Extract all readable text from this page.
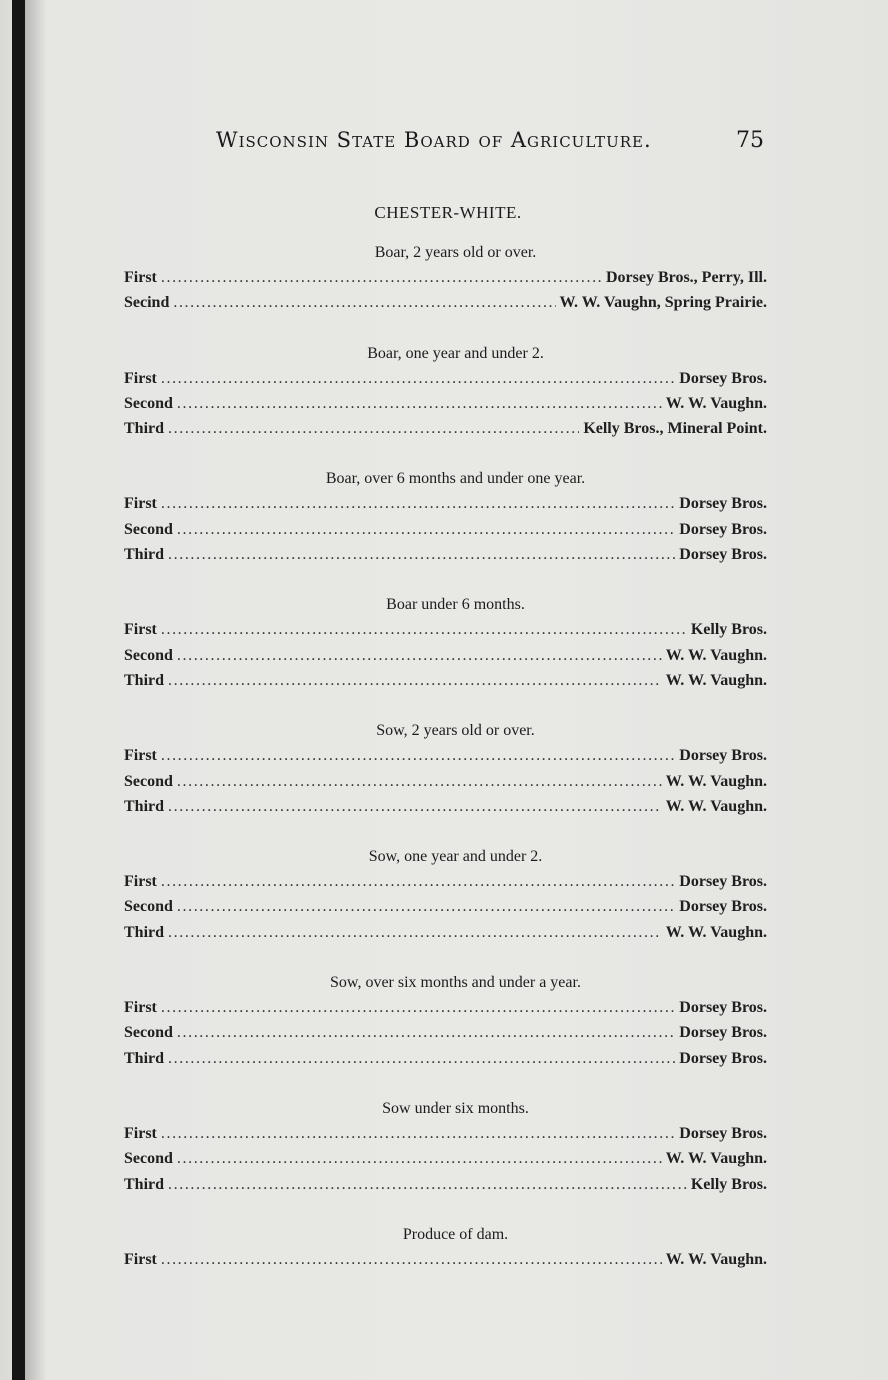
Wisconsin State Board of Agriculture.	75
CHESTER-WHITE.
Boar, 2 years old or over.
First . . .	Dorsey Bros., Perry, Ill.
Secind . . .	W. W. Vaughn, Spring Prairie.
Boar, one year and under 2.
First . . .	Dorsey Bros.
Second . . .	W. W. Vaughn.
Third . . .	Kelly Bros., Mineral Point.
Boar, over 6 months and under one year.
First . . .	Dorsey Bros.
Second . . .	Dorsey Bros.
Third . . .	Dorsey Bros.
Boar under 6 months.
First . . .	Kelly Bros.
Second . . .	W. W. Vaughn.
Third . . .	W. W. Vaughn.
Sow, 2 years old or over.
First . . .	Dorsey Bros.
Second . . .	W. W. Vaughn.
Third . . .	W. W. Vaughn.
Sow, one year and under 2.
First . . .	Dorsey Bros.
Second . . .	Dorsey Bros.
Third . . .	W. W. Vaughn.
Sow, over six months and under a year.
First . . .	Dorsey Bros.
Second . . .	Dorsey Bros.
Third . . .	Dorsey Bros.
Sow under six months.
First . . .	Dorsey Bros.
Second . . .	W. W. Vaughn.
Third . . .	Kelly Bros.
Produce of dam.
First . . .	W. W. Vaughn.
